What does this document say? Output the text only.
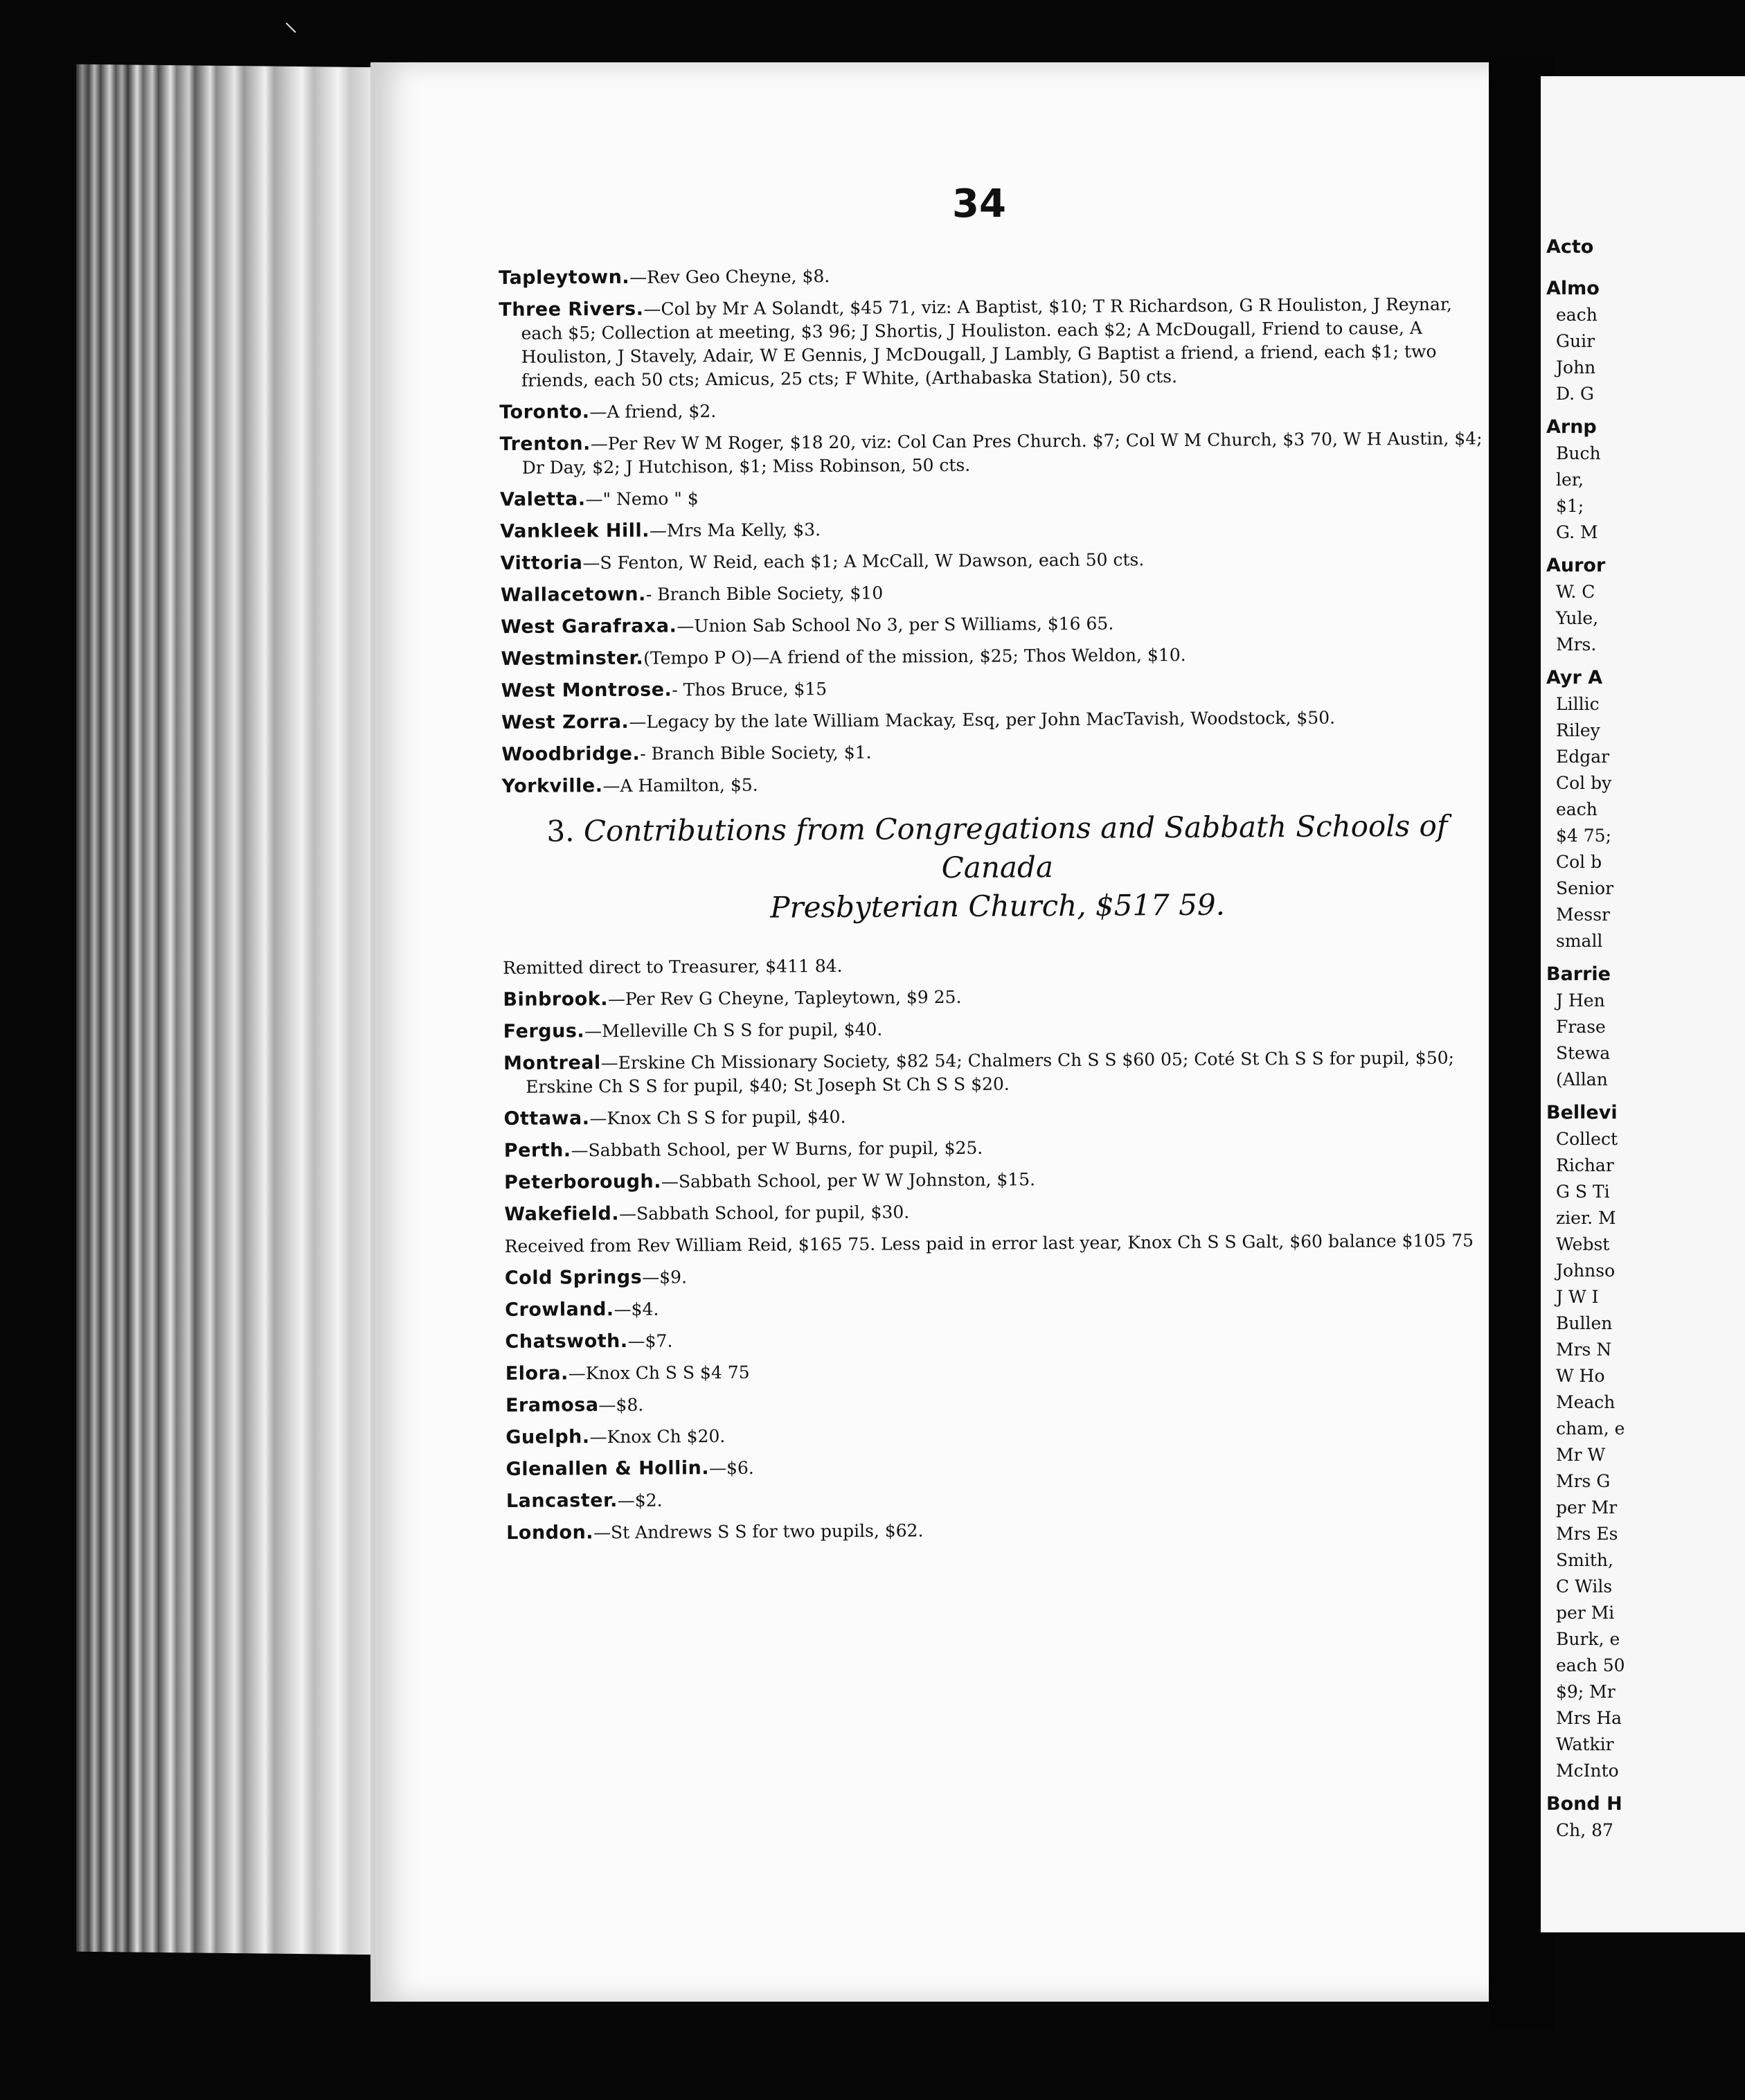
⸌
34
Tapleytown.—Rev Geo Cheyne, $8.
Three Rivers.—Col by Mr A Solandt, $45 71, viz: A Baptist, $10; T R Richardson, G R Houliston, J Reynar, each $5; Collection at meeting, $3 96; J Shortis, J Houliston. each $2; A McDougall, Friend to cause, A Houliston, J Stavely, Adair, W E Gennis, J McDougall, J Lambly, G Baptist a friend, a friend, each $1; two friends, each 50 cts; Amicus, 25 cts; F White, (Arthabaska Station), 50 cts.
Toronto.—A friend, $2.
Trenton.—Per Rev W M Roger, $18 20, viz: Col Can Pres Church. $7; Col W M Church, $3 70, W H Austin, $4; Dr Day, $2; J Hutchison, $1; Miss Robinson, 50 cts.
Valetta.—" Nemo " $
Vankleek Hill.—Mrs Ma Kelly, $3.
Vittoria—S Fenton, W Reid, each $1; A McCall, W Dawson, each 50 cts.
Wallacetown.- Branch Bible Society, $10
West Garafraxa.—Union Sab School No 3, per S Williams, $16 65.
Westminster.(Tempo P O)—A friend of the mission, $25; Thos Weldon, $10.
West Montrose.- Thos Bruce, $15
West Zorra.—Legacy by the late William Mackay, Esq, per John MacTavish, Woodstock, $50.
Woodbridge.- Branch Bible Society, $1.
Yorkville.—A Hamilton, $5.
3. Contributions from Congregations and Sabbath Schools of Canada
Presbyterian Church, $517 59.
Remitted direct to Treasurer, $411 84.
Binbrook.—Per Rev G Cheyne, Tapleytown, $9 25.
Fergus.—Melleville Ch S S for pupil, $40.
Montreal—Erskine Ch Missionary Society, $82 54; Chalmers Ch S S $60 05; Coté St Ch S S for pupil, $50; Erskine Ch S S for pupil, $40; St Joseph St Ch S S $20.
Ottawa.—Knox Ch S S for pupil, $40.
Perth.—Sabbath School, per W Burns, for pupil, $25.
Peterborough.—Sabbath School, per W W Johnston, $15.
Wakefield.—Sabbath School, for pupil, $30.
Received from Rev William Reid, $165 75. Less paid in error last year, Knox Ch S S Galt, $60 balance $105 75
Cold Springs—$9.
Crowland.—$4.
Chatswoth.—$7.
Elora.—Knox Ch S S $4 75
Eramosa—$8.
Guelph.—Knox Ch $20.
Glenallen & Hollin.—$6.
Lancaster.—$2.
London.—St Andrews S S for two pupils, $62.
Acto
Almo
each
Guir
John
D. G
Arnp
Buch
ler,
$1;
G. M
Auror
W. C
Yule,
Mrs.
Ayr A
Lillic
Riley
Edgar
Col by
each
$4 75;
Col b
Senior
Messr
small
Barrie
J Hen
Frase
Stewa
(Allan
Bellevi
Collect
Richar
G S Ti
zier. M
Webst
Johnso
J W I
Bullen
Mrs N
W Ho
Meach
cham, e
Mr W
Mrs G
per Mr
Mrs Es
Smith,
C Wils
per Mi
Burk, e
each 50
$9; Mr
Mrs Ha
Watkir
McInto
Bond H
Ch, 87
